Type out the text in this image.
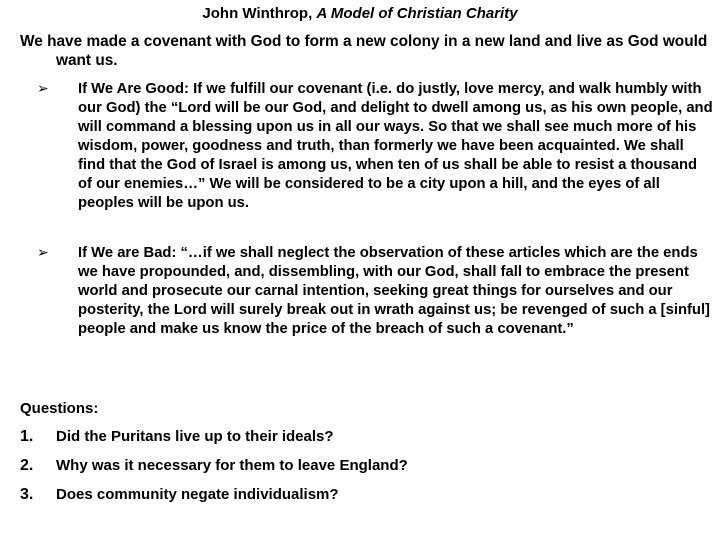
John Winthrop, A Model of Christian Charity
We have made a covenant with God to form a new colony in a new land and live as God would want us.
➢	If We Are Good: If we fulfill our covenant (i.e. do justly, love mercy, and walk humbly with our God) the “Lord will be our God, and delight to dwell among us, as his own people, and will command a blessing upon us in all our ways. So that we shall see much more of his wisdom, power, goodness and truth, than formerly we have been acquainted. We shall find that the God of Israel is among us, when ten of us shall be able to resist a thousand of our enemies…” We will be considered to be a city upon a hill, and the eyes of all peoples will be upon us.
➢	If We are Bad: “…if we shall neglect the observation of these articles which are the ends we have propounded, and, dissembling, with our God, shall fall to embrace the present world and prosecute our carnal intention, seeking great things for ourselves and our posterity, the Lord will surely break out in wrath against us; be revenged of such a [sinful] people and make us know the price of the breach of such a covenant.”
Questions:
1.	Did the Puritans live up to their ideals?
2.	Why was it necessary for them to leave England?
3.	Does community negate individualism?
